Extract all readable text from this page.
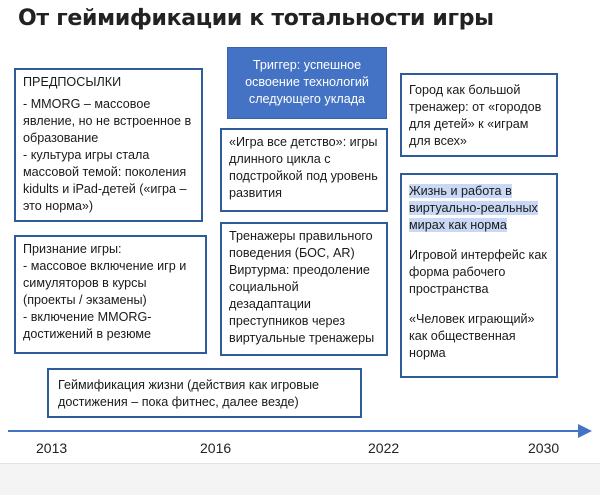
От геймификации к тотальности игры
Триггер: успешное освоение технологий следующего уклада

ПРЕДПОСЫЛКИ

- MMORG – массовое явление, но не встроенное в образование

- культура игры стала массовой темой: поколения kidults и iPad-детей («игра – это норма»)

Признание игры:

- массовое включение игр и симуляторов в курсы (проекты / экзамены)

- включение MMORG-достижений в резюме

«Игра все детство»: игры длинного цикла с подстройкой под уровень развития

Тренажеры правильного поведения (БОС, AR)

Виртурма: преодоление социальной дезадаптации преступников через виртуальные тренажеры

Город как большой тренажер: от «городов для детей» к «играм для всех»

Жизнь и работа в виртуально-реальных мирах как норма

Игровой интерфейс как форма рабочего пространства

«Человек играющий» как общественная норма

Геймификация жизни (действия как игровые достижения – пока фитнес, далее везде)

2013	2016	2022	2030
